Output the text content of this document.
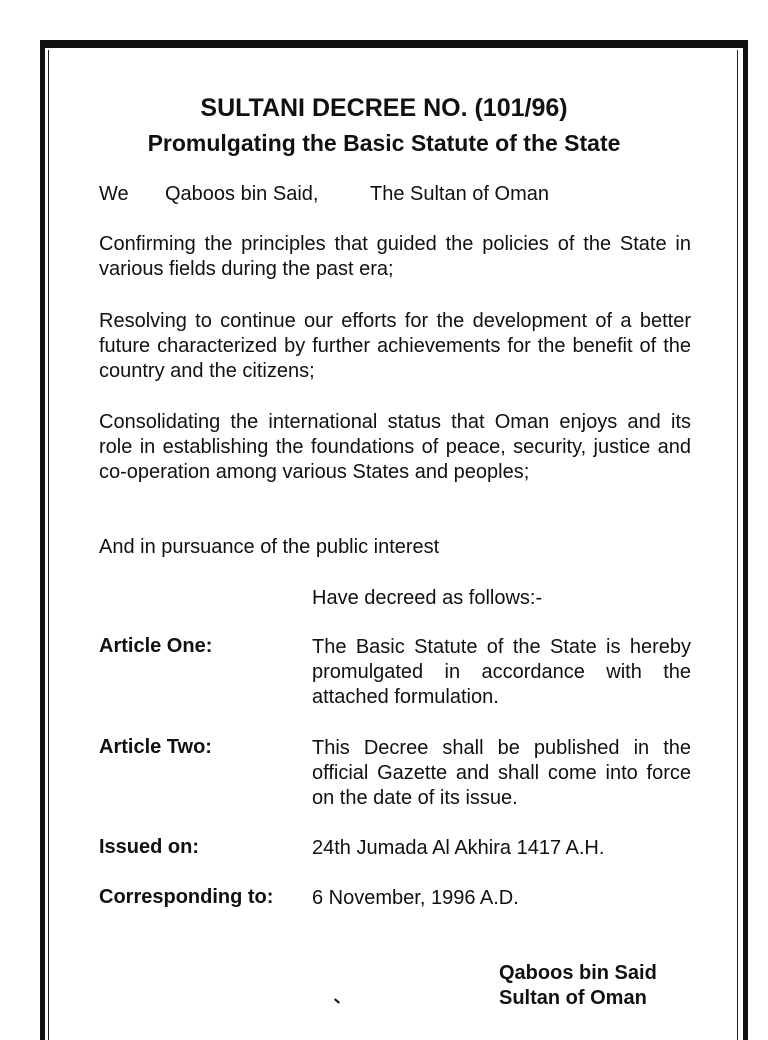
SULTANI DECREE NO. (101/96)
Promulgating the Basic Statute of the State
We Qaboos bin Said,	The Sultan of Oman
Confirming the principles that guided the policies of the State in various fields during the past era;
Resolving to continue our efforts for the development of a better future characterized by further achievements for the benefit of the country and the citizens;
Consolidating the international status that Oman enjoys and its role in establishing the foundations of peace, security, justice and co-operation among various States and peoples;
And in pursuance of the public interest
Have decreed as follows:-
Article One:	The Basic Statute of the State is hereby promulgated in accordance with the attached formulation.
Article Two:	This Decree shall be published in the official Gazette and shall come into force on the date of its issue.
Issued on:	24th Jumada Al Akhira 1417 A.H.
Corresponding to: 6 November, 1996 A.D.
Qaboos bin Said
Sultan of Oman
